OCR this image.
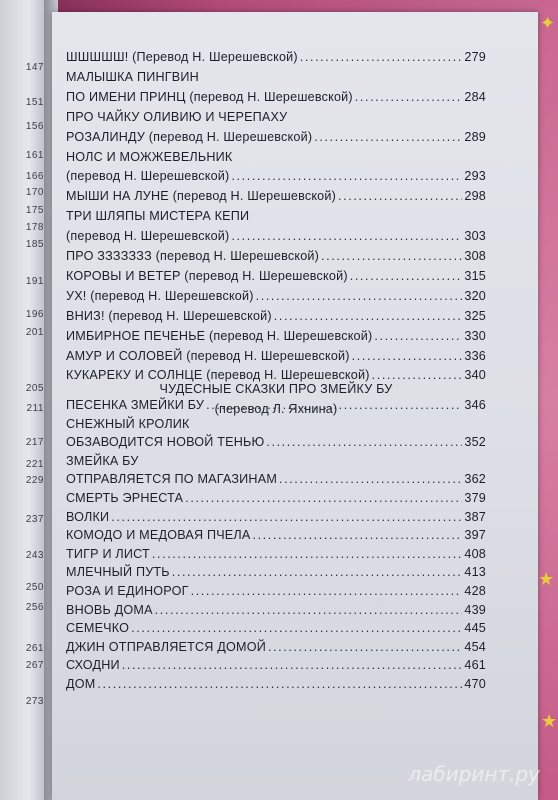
✦
★
★
147
151
156
161
166
170
175
178
185
191
196
201
205
211
217
221
229
237
243
250
256
261
267
273
ШШШШШ! (Перевод Н. Шерешевской) .....	279
МАЛЫШКА ПИНГВИН
ПО ИМЕНИ ПРИНЦ (перевод Н. Шерешевской) .....	284
ПРО ЧАЙКУ ОЛИВИЮ И ЧЕРЕПАХУ
РОЗАЛИНДУ (перевод Н. Шерешевской) .....	289
НОЛС И МОЖЖЕВЕЛЬНИК
(перевод Н. Шерешевской) .....	293
МЫШИ НА ЛУНЕ (перевод Н. Шерешевской) .....	298
ТРИ ШЛЯПЫ МИСТЕРА КЕПИ
(перевод Н. Шерешевской) .....	303
ПРО ЗЗЗЗЗЗЗ (перевод Н. Шерешевской) .....	308
КОРОВЫ И ВЕТЕР (перевод Н. Шерешевской) .....	315
УХ! (перевод Н. Шерешевской) .....	320
ВНИЗ! (перевод Н. Шерешевской) .....	325
ИМБИРНОЕ ПЕЧЕНЬЕ (перевод Н. Шерешевской) .....	330
АМУР И СОЛОВЕЙ (перевод Н. Шерешевской) .....	336
КУКАРЕКУ И СОЛНЦЕ (перевод Н. Шерешевской) .....	340
ЧУДЕСНЫЕ СКАЗКИ ПРО ЗМЕЙКУ БУ
(перевод Л. Яхнина)
ПЕСЕНКА ЗМЕЙКИ БУ .....	346
СНЕЖНЫЙ КРОЛИК
ОБЗАВОДИТСЯ НОВОЙ ТЕНЬЮ .....	352
ЗМЕЙКА БУ
ОТПРАВЛЯЕТСЯ ПО МАГАЗИНАМ .....	362
СМЕРТЬ ЭРНЕСТА .....	379
ВОЛКИ .....	387
КОМОДО И МЕДОВАЯ ПЧЕЛА .....	397
ТИГР И ЛИСТ .....	408
МЛЕЧНЫЙ ПУТЬ .....	413
РОЗА И ЕДИНОРОГ .....	428
ВНОВЬ ДОМА .....	439
СЕМЕЧКО .....	445
ДЖИН ОТПРАВЛЯЕТСЯ ДОМОЙ .....	454
СХОДНИ .....	461
ДОМ .....	470
лабиринт.ру
